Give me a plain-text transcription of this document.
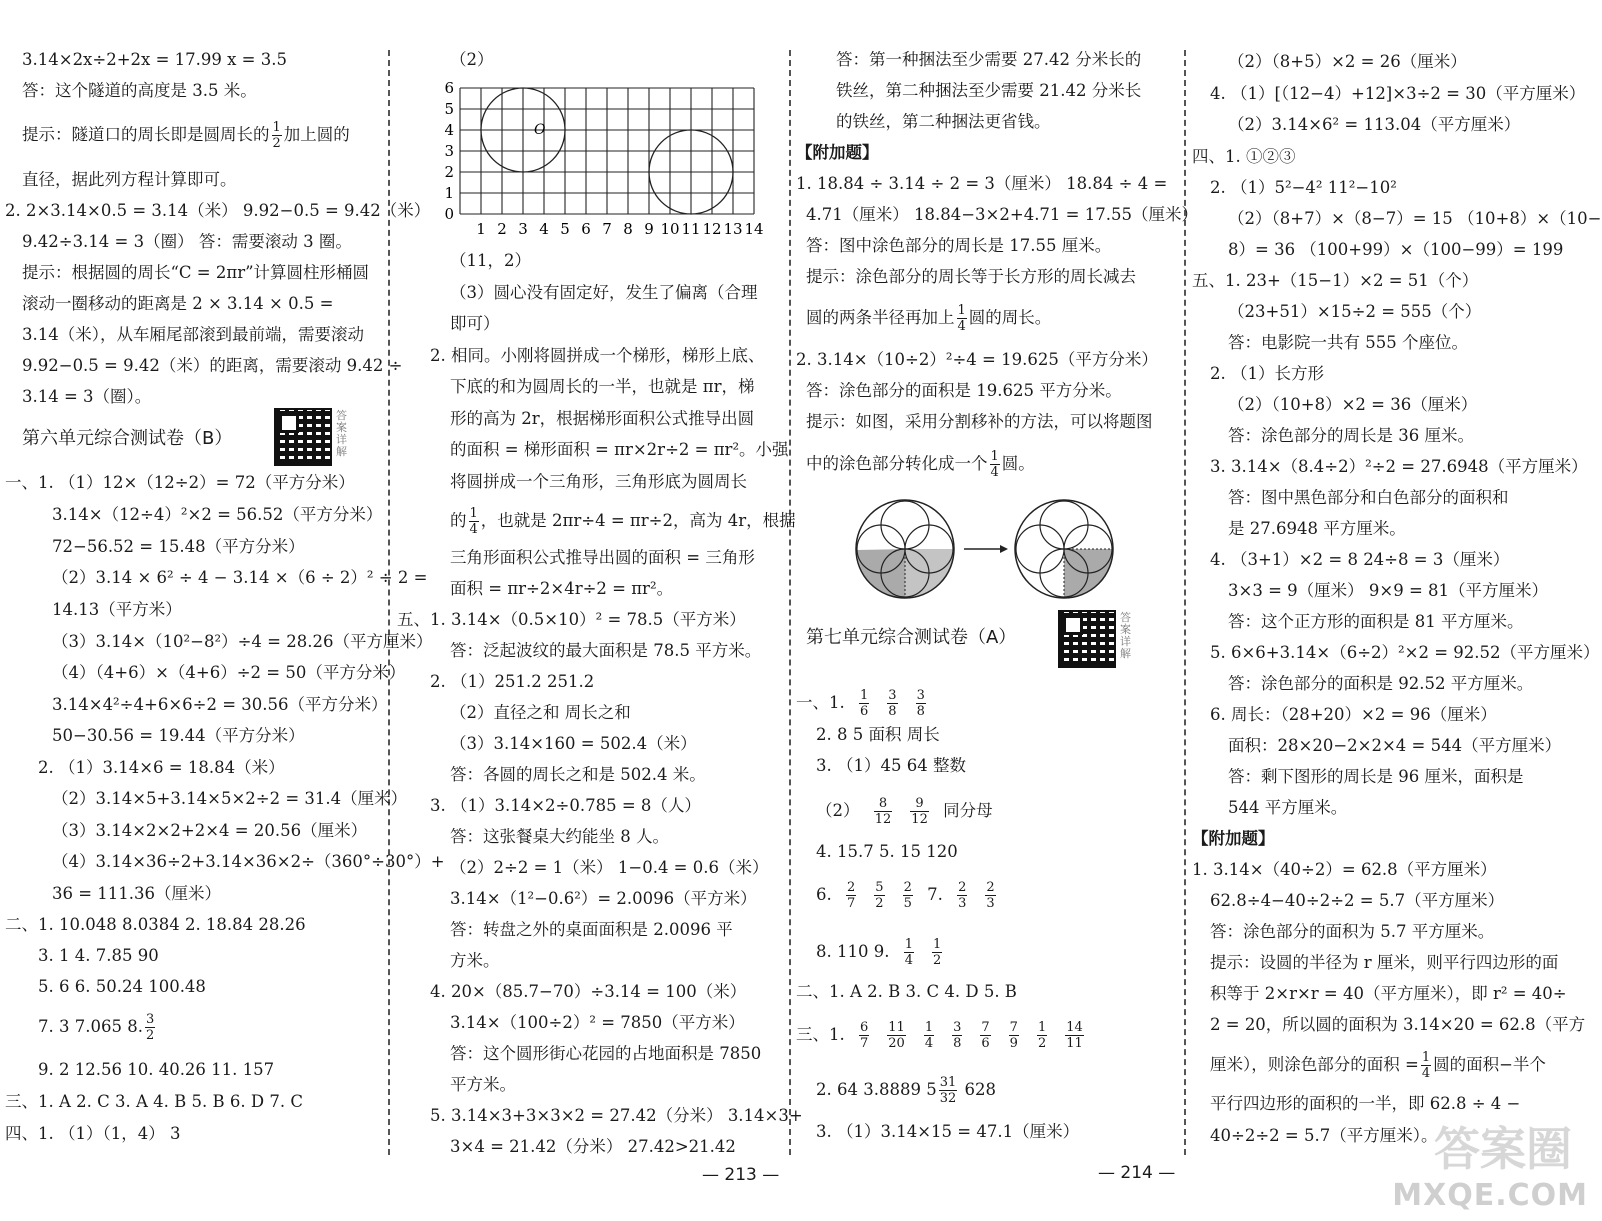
3.14×2x÷2+2x = 17.99 x = 3.5
答：这个隧道的高度是 3.5 米。
提示：隧道口的周长即是圆周长的 $\frac{1}{2}$ 加上圆的
直径，据此列方程计算即可。
2. 2×3.14×0.5 = 3.14（米） 9.92−0.5 = 9.42（米）
9.42÷3.14 = 3（圈） 答：需要滚动 3 圈。
提示：根据圆的周长“C = 2πr”计算圆柱形桶圆
滚动一圈移动的距离是 2 × 3.14 × 0.5 =
3.14（米），从车厢尾部滚到最前端，需要滚动
9.92−0.5 = 9.42（米）的距离，需要滚动 9.42 ÷
3.14 = 3（圈）。
第六单元综合测试卷（B）
答案详解
一、1. （1）12×（12÷2）= 72（平方分米）
3.14×（12÷4）²×2 = 56.52（平方分米）
72−56.52 = 15.48（平方分米）
（2）3.14 × 6² ÷ 4 − 3.14 ×（6 ÷ 2）² ÷ 2 =
14.13（平方米）
（3）3.14×（10²−8²）÷4 = 28.26（平方厘米）
（4）（4+6）×（4+6）÷2 = 50（平方分米）
3.14×4²÷4+6×6÷2 = 30.56（平方分米）
50−30.56 = 19.44（平方分米）
2. （1）3.14×6 = 18.84（米）
（2）3.14×5+3.14×5×2÷2 = 31.4（厘米）
（3）3.14×2×2+2×4 = 20.56（厘米）
（4）3.14×36÷2+3.14×36×2÷（360°÷30°）+
36 = 111.36（厘米）
二、1. 10.048 8.0384 2. 18.84 28.26
3. 1 4. 7.85 90
5. 6 6. 50.24 100.48
7. 3 7.065 8. $\frac{3}{2}$
9. 2 12.56 10. 40.26 11. 157
三、1. A 2. C 3. A 4. B 5. B 6. D 7. C
四、1. （1）（1，4） 3
（2）
1 2 3 4 5 6 7 8 9 10 11 12 13 14
0
1
2
3
4
5
6
O
（11，2）
（3）圆心没有固定好，发生了偏离（合理
即可）
2. 相同。小刚将圆拼成一个梯形，梯形上底、
下底的和为圆周长的一半，也就是 πr，梯
形的高为 2r，根据梯形面积公式推导出圆
的面积 = 梯形面积 = πr×2r÷2 = πr²。小强
将圆拼成一个三角形，三角形底为圆周长
的 $\frac{1}{4}$ ，也就是 2πr÷4 = πr÷2，高为 4r，根据
三角形面积公式推导出圆的面积 = 三角形
面积 = πr÷2×4r÷2 = πr²。
五、1. 3.14×（0.5×10）² = 78.5（平方米）
答：泛起波纹的最大面积是 78.5 平方米。
2. （1）251.2 251.2
（2）直径之和 周长之和
（3）3.14×160 = 502.4（米）
答：各圆的周长之和是 502.4 米。
3. （1）3.14×2÷0.785 = 8（人）
答：这张餐桌大约能坐 8 人。
（2）2÷2 = 1（米） 1−0.4 = 0.6（米）
3.14×（1²−0.6²）= 2.0096（平方米）
答：转盘之外的桌面面积是 2.0096 平
方米。
4. 20×（85.7−70）÷3.14 = 100（米）
3.14×（100÷2）² = 7850（平方米）
答：这个圆形街心花园的占地面积是 7850
平方米。
5. 3.14×3+3×3×2 = 27.42（分米） 3.14×3+
3×4 = 21.42（分米） 27.42>21.42
— 213 —
答：第一种捆法至少需要 27.42 分米长的
铁丝，第二种捆法至少需要 21.42 分米长
的铁丝，第二种捆法更省钱。
【附加题】
1. 18.84 ÷ 3.14 ÷ 2 = 3（厘米） 18.84 ÷ 4 =
4.71（厘米） 18.84−3×2+4.71 = 17.55（厘米）
答：图中涂色部分的周长是 17.55 厘米。
提示：涂色部分的周长等于长方形的周长减去
圆的两条半径再加上 $\frac{1}{4}$ 圆的周长。
2. 3.14×（10÷2）²÷4 = 19.625（平方分米）
答：涂色部分的面积是 19.625 平方分米。
提示：如图，采用分割移补的方法，可以将题图
中的涂色部分转化成一个 $\frac{1}{4}$ 圆。
第七单元综合测试卷（A）
答案详解
一、1. $\frac{1}{6} \frac{3}{8} \frac{3}{8}$
2. 8 5 面积 周长
3. （1）45 64 整数
$(2) \frac{8}{12} \frac{9}{12}$ 同分母
4. 15.7 5. 15 120
6. $\frac{2}{7} \frac{5}{2} \frac{2}{5} 7$. $\frac{2}{3} \frac{2}{3}$
8. 110 9. $\frac{1}{4} \frac{1}{2}$
二、1. A 2. B 3. C 4. D 5. B
三、1. $\frac{6}{7} \frac{11}{20} \frac{1}{4} \frac{3}{8} \frac{7}{6} \frac{7}{9} \frac{1}{2} \frac{14}{11}$
2. 64 3.8889 $5 \frac{31}{32} 628$
3. （1）3.14×15 = 47.1（厘米）
（2）（8+5）×2 = 26（厘米）
4. （1）[（12−4）+12]×3÷2 = 30（平方厘米）
（2）3.14×6² = 113.04（平方厘米）
四、1. ①②③
2. （1）5²−4² 11²−10²
（2）（8+7）×（8−7）= 15 （10+8）×（10−
8）= 36 （100+99）×（100−99）= 199
五、1. 23+（15−1）×2 = 51（个）
（23+51）×15÷2 = 555（个）
答：电影院一共有 555 个座位。
2. （1）长方形
（2）（10+8）×2 = 36（厘米）
答：涂色部分的周长是 36 厘米。
3. 3.14×（8.4÷2）²÷2 = 27.6948（平方厘米）
答：图中黑色部分和白色部分的面积和
是 27.6948 平方厘米。
4. （3+1）×2 = 8 24÷8 = 3（厘米）
3×3 = 9（厘米） 9×9 = 81（平方厘米）
答：这个正方形的面积是 81 平方厘米。
5. 6×6+3.14×（6÷2）²×2 = 92.52（平方厘米）
答：涂色部分的面积是 92.52 平方厘米。
6. 周长：（28+20）×2 = 96（厘米）
面积：28×20−2×2×4 = 544（平方厘米）
答：剩下图形的周长是 96 厘米，面积是
544 平方厘米。
【附加题】
1. 3.14×（40÷2）= 62.8（平方厘米）
62.8÷4−40÷2÷2 = 5.7（平方厘米）
答：涂色部分的面积为 5.7 平方厘米。
提示：设圆的半径为 r 厘米，则平行四边形的面
积等于 2×r×r = 40（平方厘米），即 r² = 40÷
2 = 20，所以圆的面积为 3.14×20 = 62.8（平方
厘米），则涂色部分的面积 = $\frac{1}{4}$ 圆的面积−半个
平行四边形的面积的一半，即 62.8 ÷ 4 −
40÷2÷2 = 5.7（平方厘米）。
— 214 —	答案圈
MXQE.COM
